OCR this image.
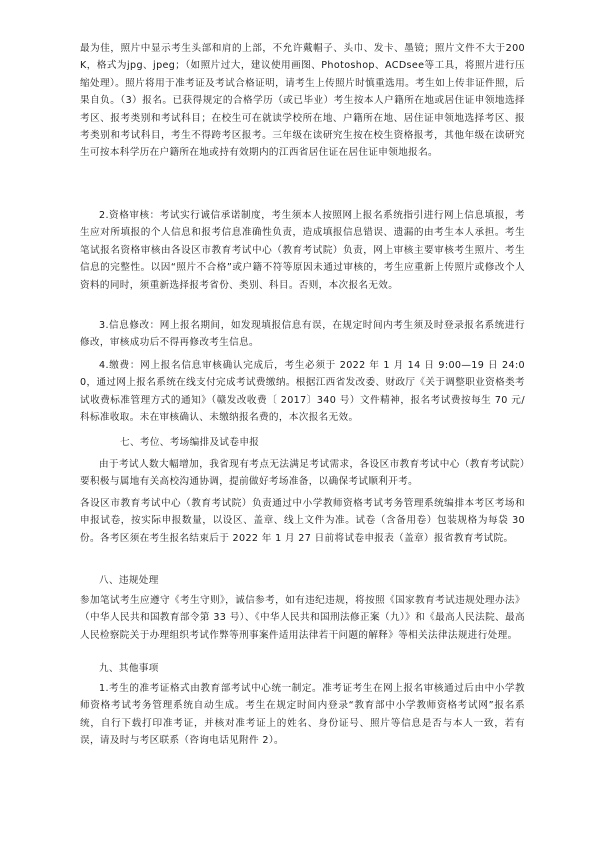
最为佳，照片中显示考生头部和肩的上部，不允许戴帽子、头巾、发卡、墨镜；照片文件不大于200K，格式为jpg、jpeg；（如照片过大，建议使用画图、Photoshop、ACDsee等工具，将照片进行压缩处理）。照片将用于准考证及考试合格证明，请考生上传照片时慎重选用。考生如上传非证件照，后果自负。（3）报名。已获得规定的合格学历（或已毕业）考生按本人户籍所在地或居住证申领地选择考区、报考类别和考试科目；在校生可在就读学校所在地、户籍所在地、居住证申领地选择考区、报考类别和考试科目，考生不得跨考区报考。三年级在读研究生按在校生资格报考，其他年级在读研究生可按本科学历在户籍所在地或持有效期内的江西省居住证在居住证申领地报名。

2.资格审核：考试实行诚信承诺制度，考生须本人按照网上报名系统指引进行网上信息填报，考生应对所填报的个人信息和报考信息准确性负责，造成填报信息错误、遗漏的由考生本人承担。考生笔试报名资格审核由各设区市教育考试中心（教育考试院）负责，网上审核主要审核考生照片、考生信息的完整性。以因“照片不合格”或户籍不符等原因未通过审核的，考生应重新上传照片或修改个人资料的同时，须重新选择报考省份、类别、科目。否则，本次报名无效。

3.信息修改：网上报名期间，如发现填报信息有误，在规定时间内考生须及时登录报名系统进行修改，审核成功后不得再修改考生信息。

4.缴费：网上报名信息审核确认完成后，考生必须于 2022 年 1 月 14 日 9:00—19 日 24:00，通过网上报名系统在线支付完成考试费缴纳。根据江西省发改委、财政厅《关于调整职业资格类考试收费标准管理方式的通知》（赣发改收费〔 2017〕340 号）文件精神，报名考试费按每生 70 元/科标准收取。未在审核确认、未缴纳报名费的，本次报名无效。

七、考位、考场编排及试卷申报

由于考试人数大幅增加，我省现有考点无法满足考试需求，各设区市教育考试中心（教育考试院）要积极与属地有关高校沟通协调，提前做好考场准备，以确保考试顺利开考。

各设区市教育考试中心（教育考试院）负责通过中小学教师资格考试考务管理系统编排本考区考场和申报试卷，按实际申报数量，以设区、盖章、线上文件为准。试卷（含备用卷）包装规格为每袋 30 份。各考区须在考生报名结束后于 2022 年 1 月 27 日前将试卷申报表（盖章）报省教育考试院。

八、违规处理

参加笔试考生应遵守《考生守则》，诚信参考，如有违纪违规，将按照《国家教育考试违规处理办法》（中华人民共和国教育部令第 33 号）、《中华人民共和国刑法修正案（九）》和《最高人民法院、最高人民检察院关于办理组织考试作弊等刑事案件适用法律若干问题的解释》等相关法律法规进行处理。

九、其他事项

1.考生的准考证格式由教育部考试中心统一制定。准考证考生在网上报名审核通过后由中小学教师资格考试考务管理系统自动生成。考生在规定时间内登录“教育部中小学教师资格考试网”报名系统，自行下载打印准考证，并核对准考证上的姓名、身份证号、照片等信息是否与本人一致，若有误，请及时与考区联系（咨询电话见附件 2）。
